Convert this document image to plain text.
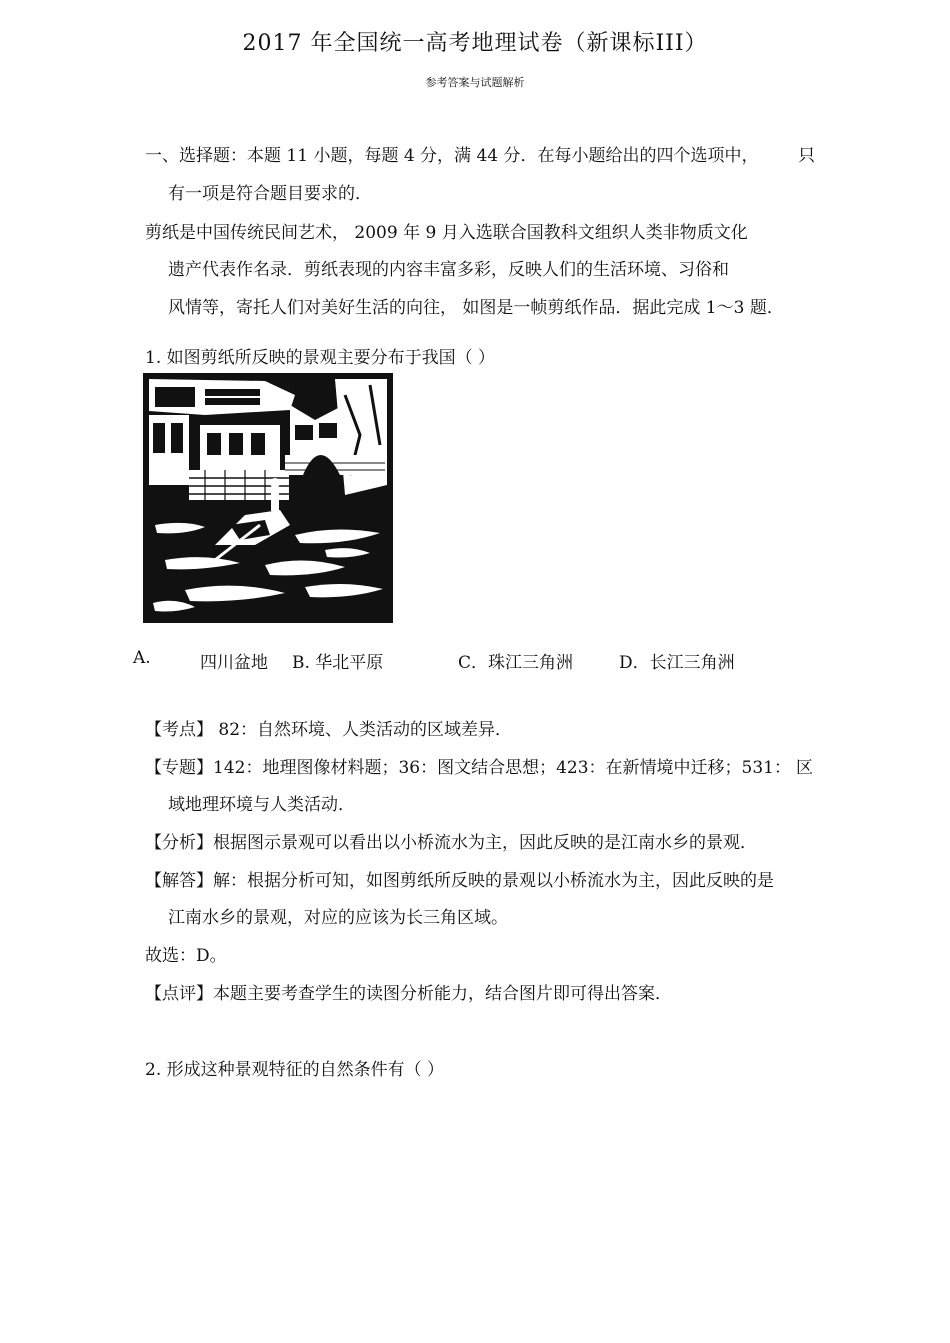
2017 年全国统一高考地理试卷（新课标III）
参考答案与试题解析
一、选择题：本题 11 小题，每题 4 分，满 44 分．在每小题给出的四个选项中， 只
有一项是符合题目要求的．
剪纸是中国传统民间艺术， 2009 年 9 月入选联合国教科文组织人类非物质文化
遗产代表作名录．剪纸表现的内容丰富多彩，反映人们的生活环境、习俗和
风情等，寄托人们对美好生活的向往， 如图是一帧剪纸作品．据此完成 1～3 题．
1. 如图剪纸所反映的景观主要分布于我国（ ）
A.	四川盆地 B. 华北平原	C．珠江三角洲	D．长江三角洲
【考点】 82：自然环境、人类活动的区域差异．
【专题】142：地理图像材料题；36：图文结合思想；423：在新情境中迁移；531： 区
域地理环境与人类活动．
【分析】根据图示景观可以看出以小桥流水为主，因此反映的是江南水乡的景观．
【解答】解：根据分析可知，如图剪纸所反映的景观以小桥流水为主，因此反映的是
江南水乡的景观，对应的应该为长三角区域。
故选：D。
【点评】本题主要考查学生的读图分析能力，结合图片即可得出答案．
2. 形成这种景观特征的自然条件有（ ）
